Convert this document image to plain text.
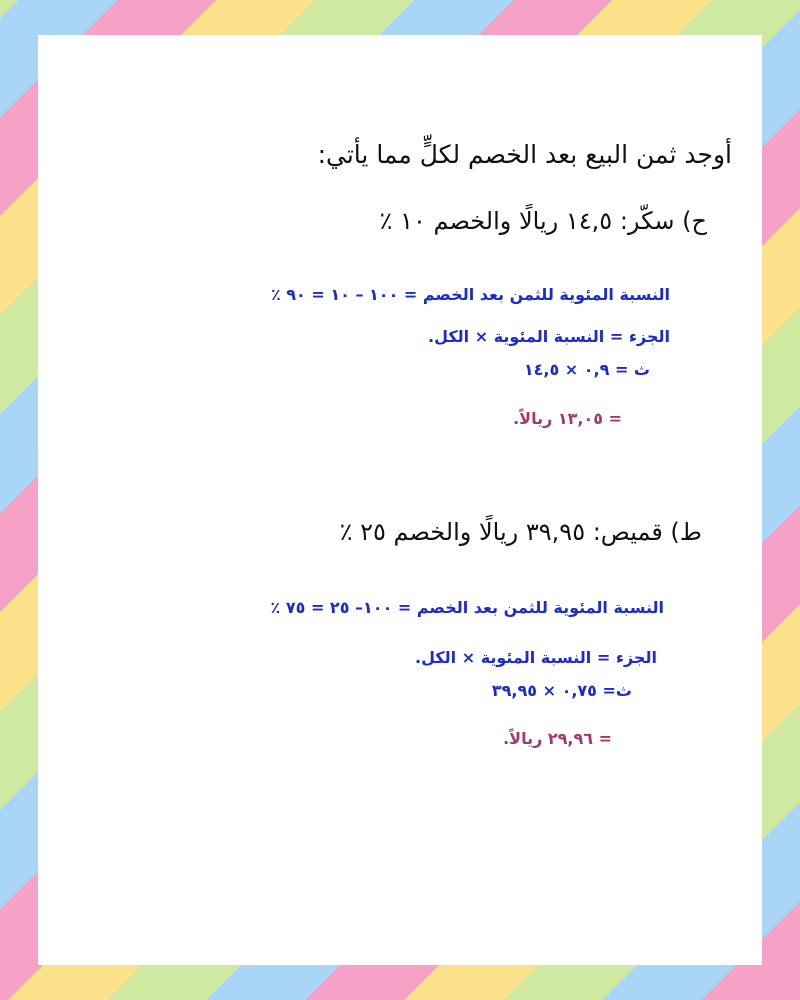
أوجد ثمن البيع بعد الخصم لكلٍّ مما يأتي:
ح) سكّر: ١٤,٥ ريالًا والخصم ١٠ ٪
النسبة المئوية للثمن بعد الخصم = ١٠٠ – ١٠ = ٩٠ ٪
الجزء = النسبة المئوية × الكل.
ث = ٠,٩ × ١٤,٥
= ١٣,٠٥ ريالاً.
ط) قميص: ٣٩,٩٥ ريالًا والخصم ٢٥ ٪
النسبة المئوية للثمن بعد الخصم = ١٠٠– ٢٥ = ٧٥ ٪
الجزء = النسبة المئوية × الكل.
ث= ٠,٧٥ × ٣٩,٩٥
= ٢٩,٩٦ ريالاً.
